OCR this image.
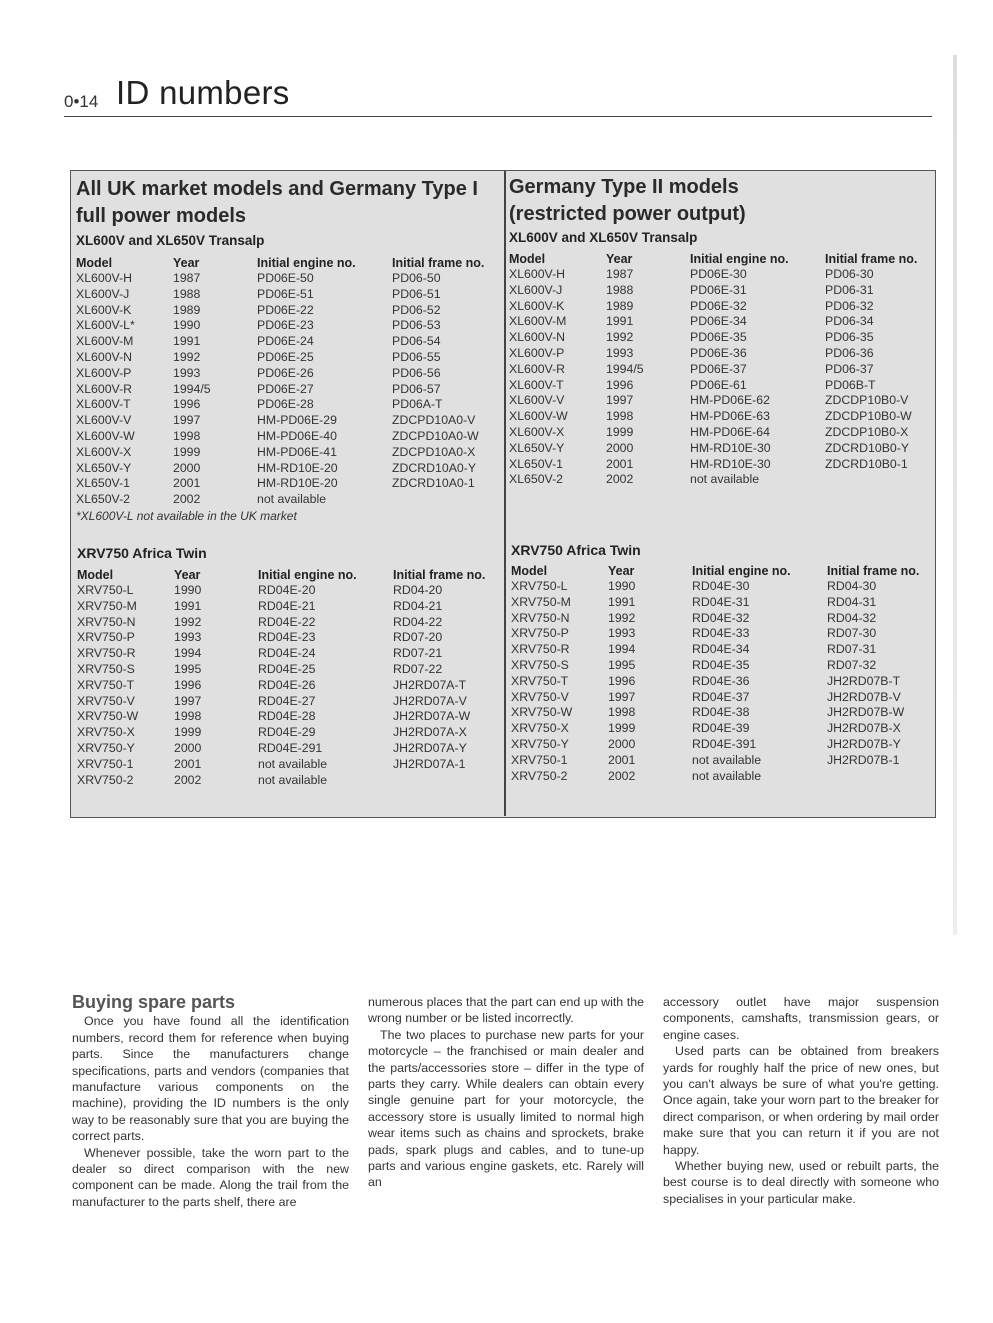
0•14 ID numbers
All UK market models and Germany Type I
full power models
XL600V and XL650V Transalp
Model	Year	Initial engine no.	Initial frame no.
XL600V-H	1987	PD06E-50	PD06-50
XL600V-J	1988	PD06E-51	PD06-51
XL600V-K	1989	PD06E-22	PD06-52
XL600V-L*	1990	PD06E-23	PD06-53
XL600V-M	1991	PD06E-24	PD06-54
XL600V-N	1992	PD06E-25	PD06-55
XL600V-P	1993	PD06E-26	PD06-56
XL600V-R	1994/5	PD06E-27	PD06-57
XL600V-T	1996	PD06E-28	PD06A-T
XL600V-V	1997	HM-PD06E-29	ZDCPD10A0-V
XL600V-W	1998	HM-PD06E-40	ZDCPD10A0-W
XL600V-X	1999	HM-PD06E-41	ZDCPD10A0-X
XL650V-Y	2000	HM-RD10E-20	ZDCRD10A0-Y
XL650V-1	2001	HM-RD10E-20	ZDCRD10A0-1
XL650V-2	2002	not available	
*XL600V-L not available in the UK market
XRV750 Africa Twin
Model	Year	Initial engine no.	Initial frame no.
XRV750-L	1990	RD04E-20	RD04-20
XRV750-M	1991	RD04E-21	RD04-21
XRV750-N	1992	RD04E-22	RD04-22
XRV750-P	1993	RD04E-23	RD07-20
XRV750-R	1994	RD04E-24	RD07-21
XRV750-S	1995	RD04E-25	RD07-22
XRV750-T	1996	RD04E-26	JH2RD07A-T
XRV750-V	1997	RD04E-27	JH2RD07A-V
XRV750-W	1998	RD04E-28	JH2RD07A-W
XRV750-X	1999	RD04E-29	JH2RD07A-X
XRV750-Y	2000	RD04E-291	JH2RD07A-Y
XRV750-1	2001	not available	JH2RD07A-1
XRV750-2	2002	not available	
Germany Type II models
(restricted power output)
XL600V and XL650V Transalp
Model	Year	Initial engine no.	Initial frame no.
XL600V-H	1987	PD06E-30	PD06-30
XL600V-J	1988	PD06E-31	PD06-31
XL600V-K	1989	PD06E-32	PD06-32
XL600V-M	1991	PD06E-34	PD06-34
XL600V-N	1992	PD06E-35	PD06-35
XL600V-P	1993	PD06E-36	PD06-36
XL600V-R	1994/5	PD06E-37	PD06-37
XL600V-T	1996	PD06E-61	PD06B-T
XL600V-V	1997	HM-PD06E-62	ZDCDP10B0-V
XL600V-W	1998	HM-PD06E-63	ZDCDP10B0-W
XL600V-X	1999	HM-PD06E-64	ZDCDP10B0-X
XL650V-Y	2000	HM-RD10E-30	ZDCRD10B0-Y
XL650V-1	2001	HM-RD10E-30	ZDCRD10B0-1
XL650V-2	2002	not available	
XRV750 Africa Twin
Model	Year	Initial engine no.	Initial frame no.
XRV750-L	1990	RD04E-30	RD04-30
XRV750-M	1991	RD04E-31	RD04-31
XRV750-N	1992	RD04E-32	RD04-32
XRV750-P	1993	RD04E-33	RD07-30
XRV750-R	1994	RD04E-34	RD07-31
XRV750-S	1995	RD04E-35	RD07-32
XRV750-T	1996	RD04E-36	JH2RD07B-T
XRV750-V	1997	RD04E-37	JH2RD07B-V
XRV750-W	1998	RD04E-38	JH2RD07B-W
XRV750-X	1999	RD04E-39	JH2RD07B-X
XRV750-Y	2000	RD04E-391	JH2RD07B-Y
XRV750-1	2001	not available	JH2RD07B-1
XRV750-2	2002	not available	
Buying spare parts

Once you have found all the identification numbers, record them for reference when buying parts. Since the manufacturers change specifications, parts and vendors (companies that manufacture various components on the machine), providing the ID numbers is the only way to be reasonably sure that you are buying the correct parts.

Whenever possible, take the worn part to the dealer so direct comparison with the new component can be made. Along the trail from the manufacturer to the parts shelf, there are

numerous places that the part can end up with the wrong number or be listed incorrectly.

The two places to purchase new parts for your motorcycle – the franchised or main dealer and the parts/accessories store – differ in the type of parts they carry. While dealers can obtain every single genuine part for your motorcycle, the accessory store is usually limited to normal high wear items such as chains and sprockets, brake pads, spark plugs and cables, and to tune-up parts and various engine gaskets, etc. Rarely will an

accessory outlet have major suspension components, camshafts, transmission gears, or engine cases.

Used parts can be obtained from breakers yards for roughly half the price of new ones, but you can't always be sure of what you're getting. Once again, take your worn part to the breaker for direct comparison, or when ordering by mail order make sure that you can return it if you are not happy.

Whether buying new, used or rebuilt parts, the best course is to deal directly with someone who specialises in your particular make.
